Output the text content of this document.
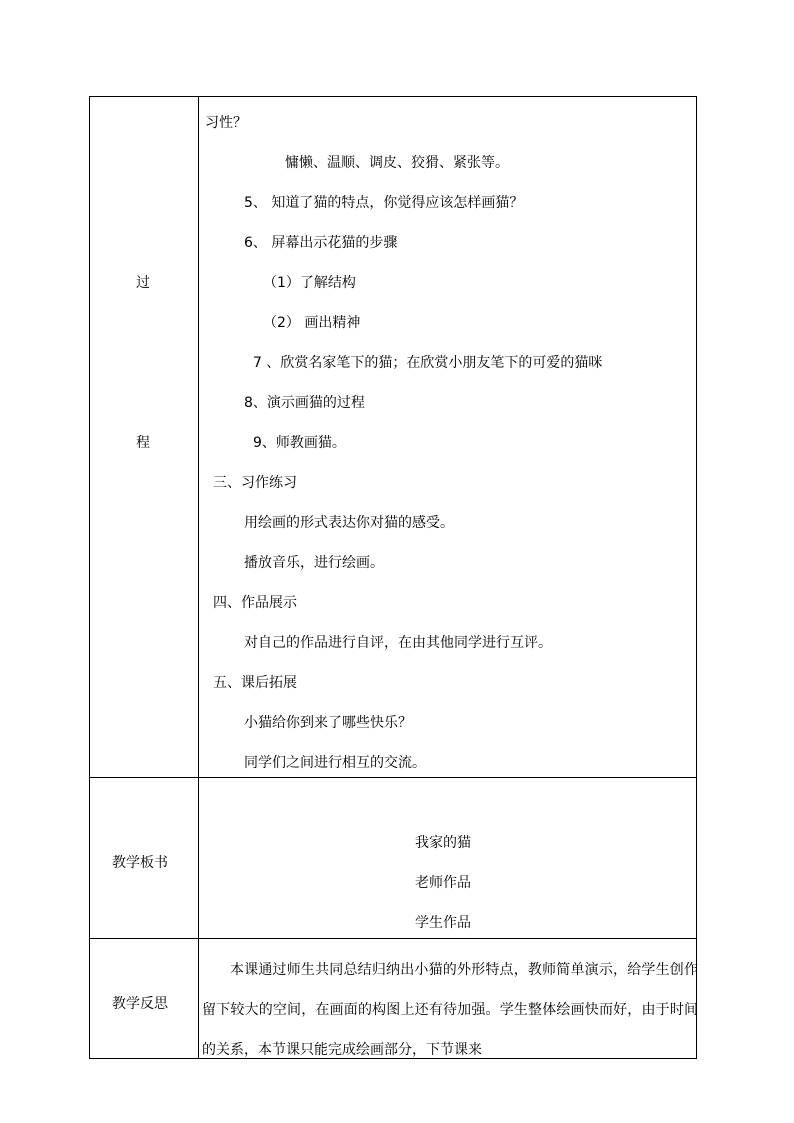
过
程
习性？
慵懒、温顺、调皮、狡猾、紧张等。
5、 知道了猫的特点，你觉得应该怎样画猫？
6、 屏幕出示花猫的步骤
（1）了解结构
（2） 画出精神
7 、欣赏名家笔下的猫；在欣赏小朋友笔下的可爱的猫咪
8、演示画猫的过程
9、师教画猫。
三、习作练习
用绘画的形式表达你对猫的感受。
播放音乐，进行绘画。
四、作品展示
对自己的作品进行自评，在由其他同学进行互评。
五、课后拓展
小猫给你到来了哪些快乐？
同学们之间进行相互的交流。
教学板书
我家的猫
老师作品
学生作品
教学反思
本课通过师生共同总结归纳出小猫的外形特点，教师简单演示，给学生创作留下较大的空间，在画面的构图上还有待加强。学生整体绘画快而好，由于时间的关系，本节课只能完成绘画部分，下节课来
